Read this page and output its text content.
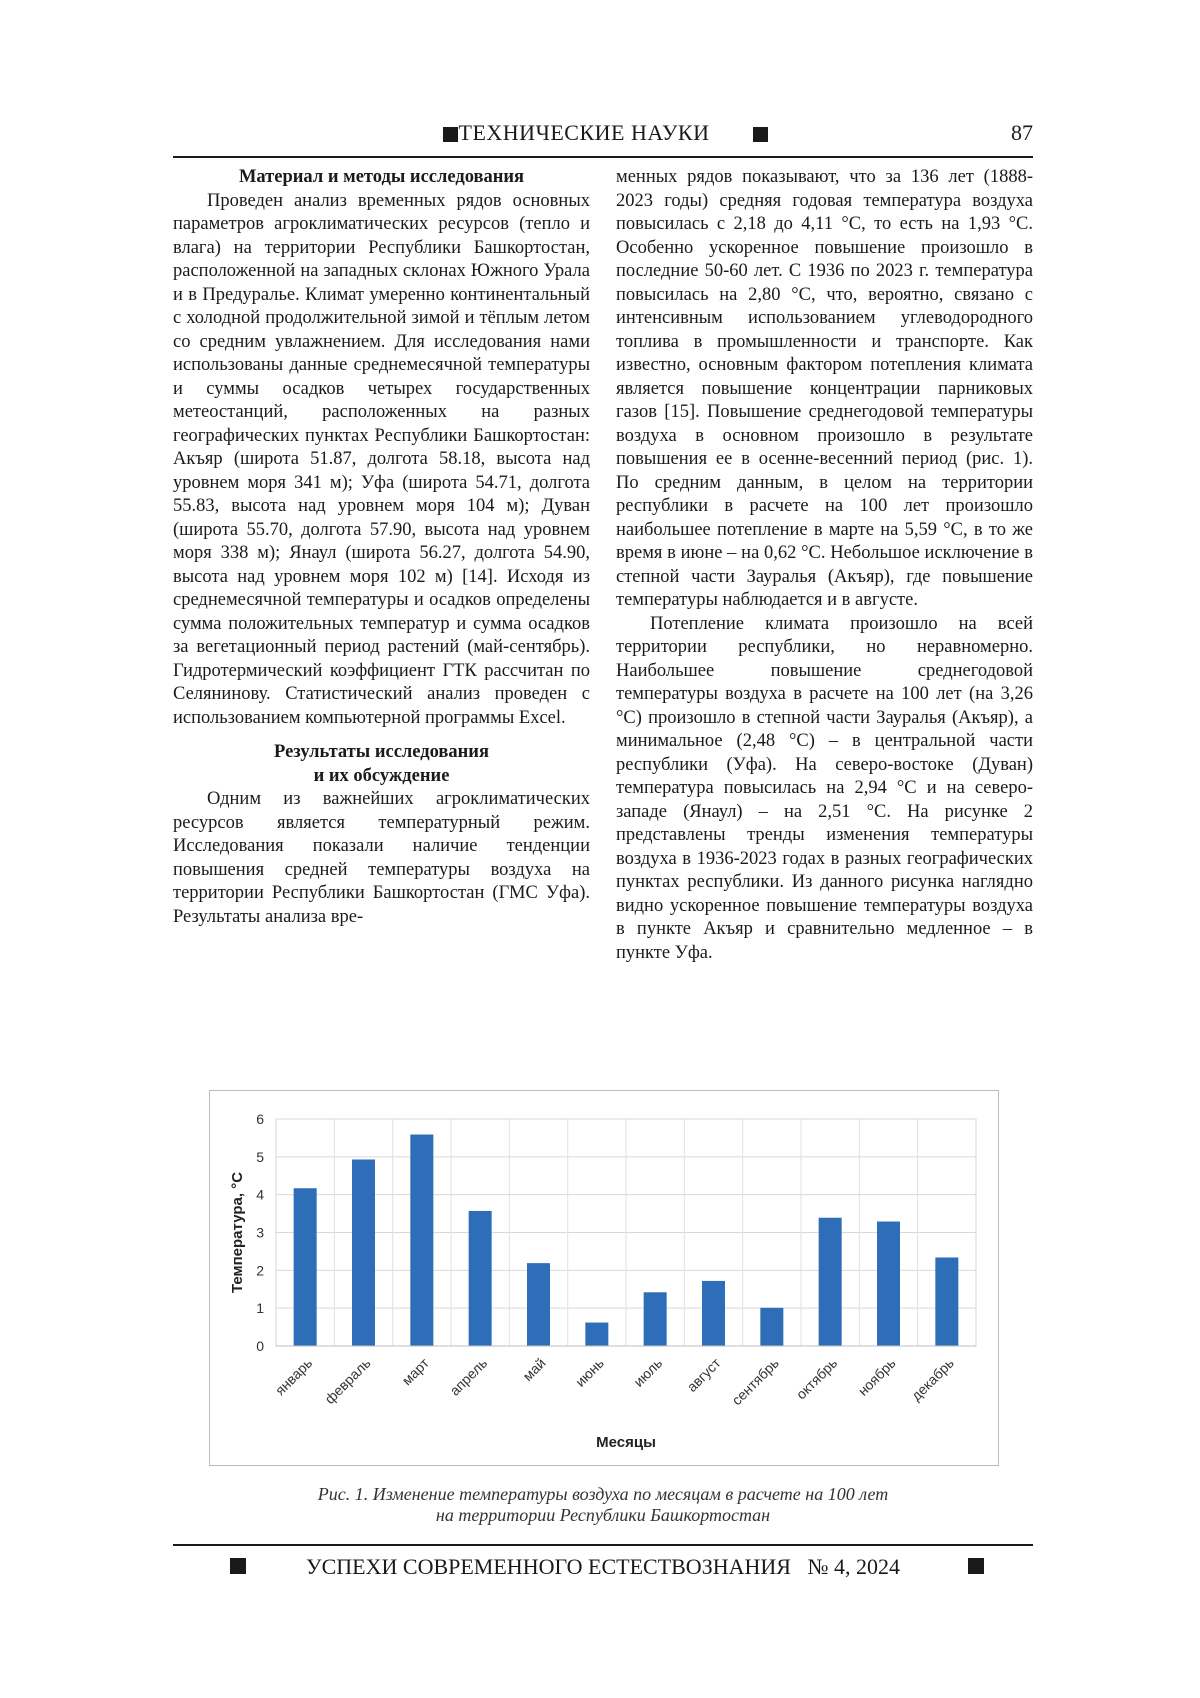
ТЕХНИЧЕСКИЕ НАУКИ	87
Материал и методы исследования

Проведен анализ временных рядов основных параметров агроклиматических ресурсов (тепло и влага) на территории Республики Башкортостан, расположенной на западных склонах Южного Урала и в Предуралье. Климат умеренно континентальный с холодной продолжительной зимой и тёплым летом со средним увлажнением. Для исследования нами использованы данные среднемесячной температуры и суммы осадков четырех государственных метеостанций, расположенных на разных географических пунктах Республики Башкортостан: Акъяр (широта 51.87, долгота 58.18, высота над уровнем моря 341 м); Уфа (широта 54.71, долгота 55.83, высота над уровнем моря 104 м); Дуван (широта 55.70, долгота 57.90, высота над уровнем моря 338 м); Янаул (широта 56.27, долгота 54.90, высота над уровнем моря 102 м) [14]. Исходя из среднемесячной температуры и осадков определены сумма положительных температур и сумма осадков за вегетационный период растений (май-сентябрь). Гидротермический коэффициент ГТК рассчитан по Селянинову. Статистический анализ проведен с использованием компьютерной программы Excel.

Результаты исследования
и их обсуждение

Одним из важнейших агроклиматических ресурсов является температурный режим. Исследования показали наличие тенденции повышения средней температуры воздуха на территории Республики Башкортостан (ГМС Уфа). Результаты анализа вре-

менных рядов показывают, что за 136 лет (1888-2023 годы) средняя годовая температура воздуха повысилась с 2,18 до 4,11 °С, то есть на 1,93 °С. Особенно ускоренное повышение произошло в последние 50-60 лет. С 1936 по 2023 г. температура повысилась на 2,80 °С, что, вероятно, связано с интенсивным использованием углеводородного топлива в промышленности и транспорте. Как известно, основным фактором потепления климата является повышение концентрации парниковых газов [15]. Повышение среднегодовой температуры воздуха в основном произошло в результате повышения ее в осенне-весенний период (рис. 1). По средним данным, в целом на территории республики в расчете на 100 лет произошло наибольшее потепление в марте на 5,59 °С, в то же время в июне – на 0,62 °С. Небольшое исключение в степной части Зауралья (Акъяр), где повышение температуры наблюдается и в августе.

Потепление климата произошло на всей территории республики, но неравномерно. Наибольшее повышение среднегодовой температуры воздуха в расчете на 100 лет (на 3,26 °С) произошло в степной части Зауралья (Акъяр), а минимальное (2,48 °С) – в центральной части республики (Уфа). На северо-востоке (Дуван) температура повысилась на 2,94 °С и на северо-западе (Янаул) – на 2,51 °С. На рисунке 2 представлены тренды изменения температуры воздуха в 1936-2023 годах в разных географических пунктах республики. Из данного рисунка наглядно видно ускоренное повышение температуры воздуха в пункте Акъяр и сравнительно медленное – в пункте Уфа.

0
1
2
3
4
5
6
январь февраль март апрель май июнь июль август сентябрь октябрь ноябрь декабрь
Месяцы
Температура, °С
Рис. 1. Изменение температуры воздуха по месяцам в расчете на 100 лет
на территории Республики Башкортостан
УСПЕХИ СОВРЕМЕННОГО ЕСТЕСТВОЗНАНИЯ № 4, 2024
